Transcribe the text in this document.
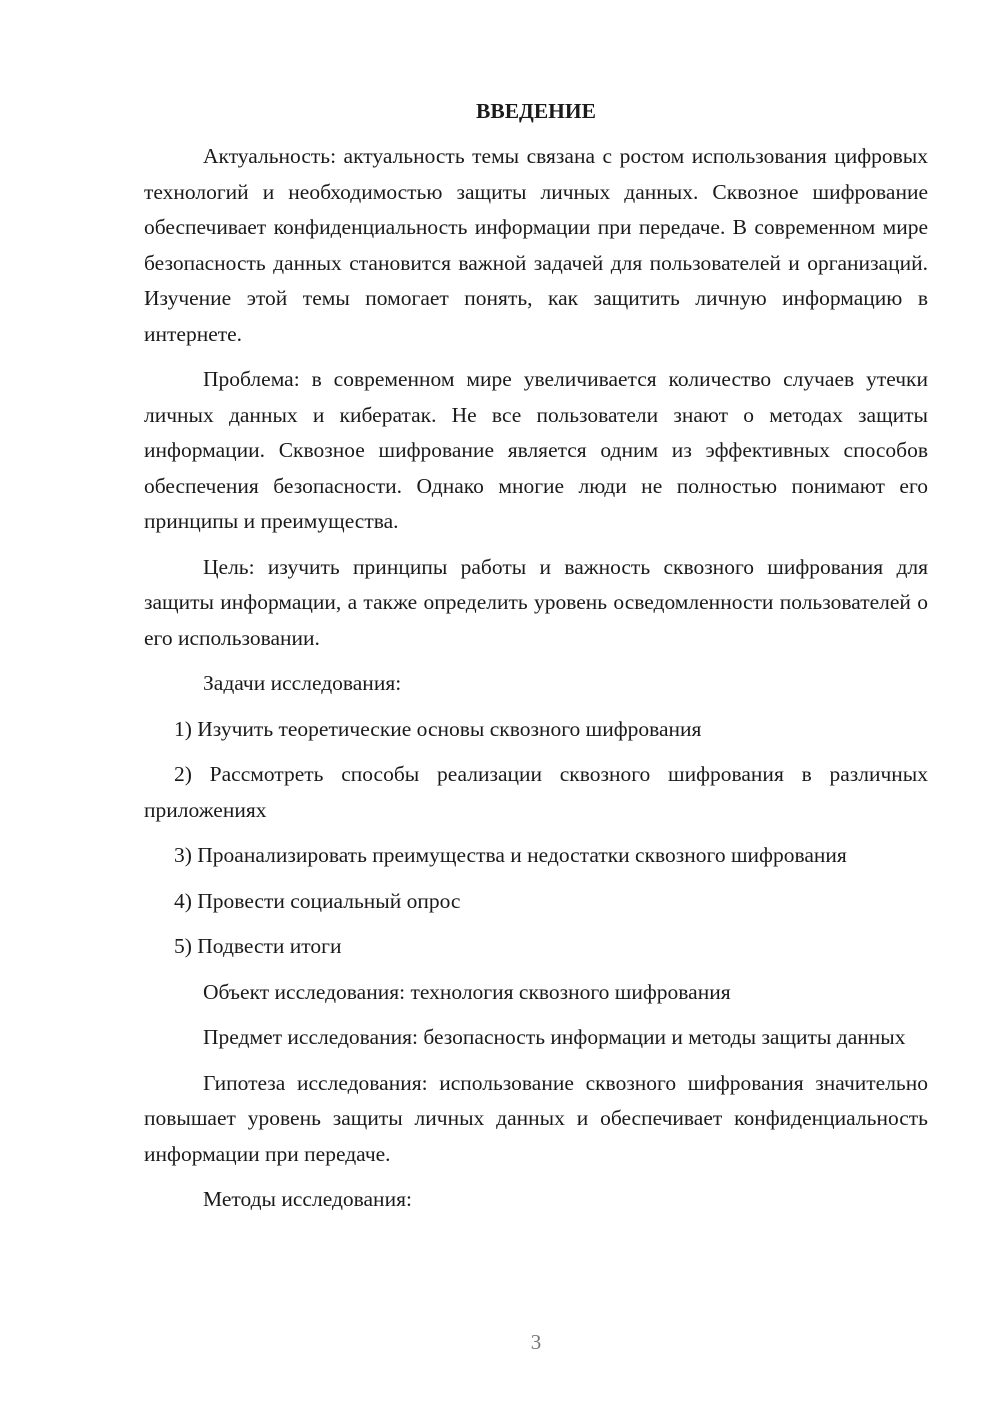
ВВЕДЕНИЕ

Актуальность: актуальность темы связана с ростом использования цифровых технологий и необходимостью защиты личных данных. Сквозное шифрование обеспечивает конфиденциальность информации при передаче. В современном мире безопасность данных становится важной задачей для пользователей и организаций. Изучение этой темы помогает понять, как защитить личную информацию в интернете.

Проблема: в современном мире увеличивается количество случаев утечки личных данных и кибератак. Не все пользователи знают о методах защиты информации. Сквозное шифрование является одним из эффективных способов обеспечения безопасности. Однако многие люди не полностью понимают его принципы и преимущества.

Цель: изучить принципы работы и важность сквозного шифрования для защиты информации, а также определить уровень осведомленности пользователей о его использовании.

Задачи исследования:

1) Изучить теоретические основы сквозного шифрования

2) Рассмотреть способы реализации сквозного шифрования в различных приложениях

3) Проанализировать преимущества и недостатки сквозного шифрования

4) Провести социальный опрос

5) Подвести итоги

Объект исследования: технология сквозного шифрования

Предмет исследования: безопасность информации и методы защиты данных

Гипотеза исследования: использование сквозного шифрования значительно повышает уровень защиты личных данных и обеспечивает конфиденциальность информации при передаче.

Методы исследования:

3
